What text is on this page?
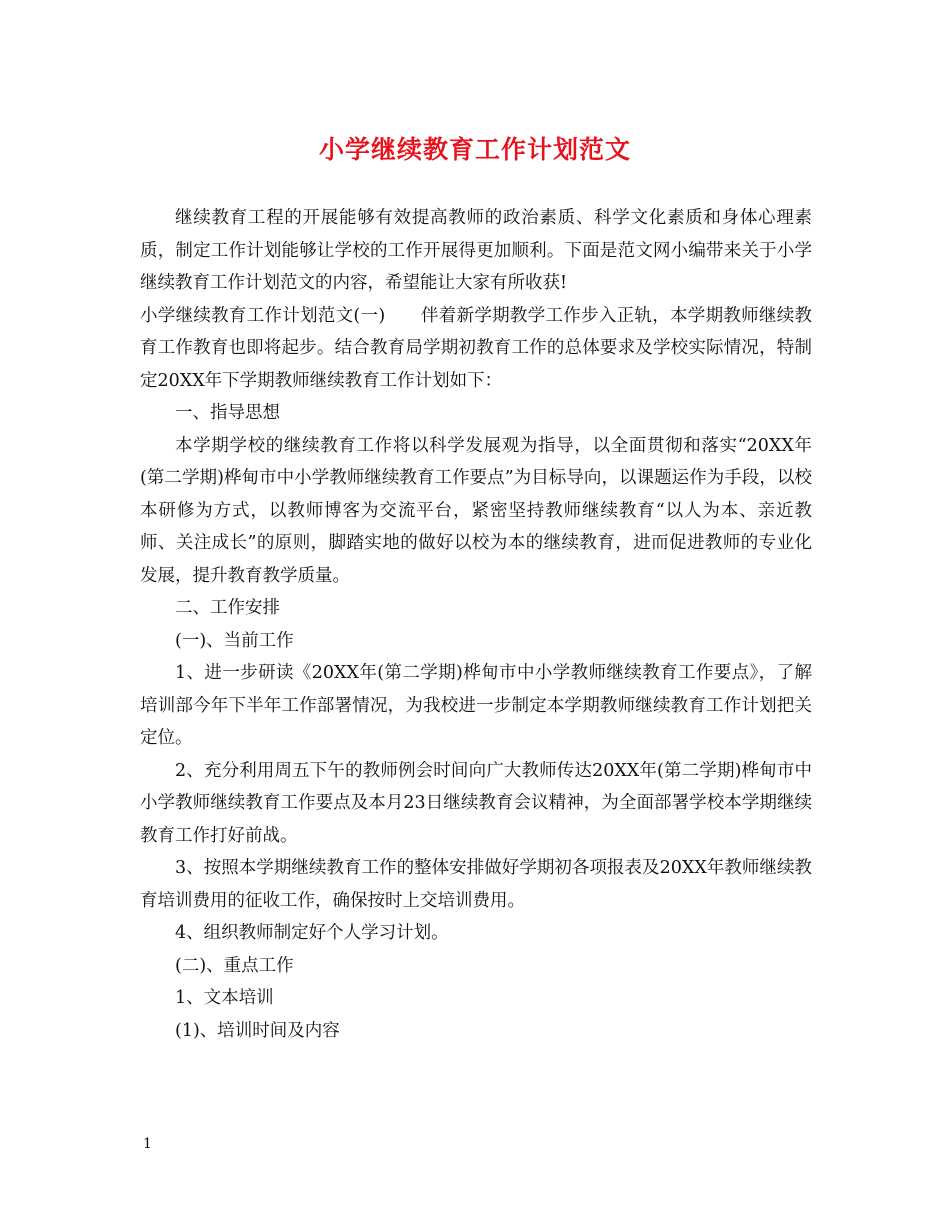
小学继续教育工作计划范文

继续教育工程的开展能够有效提高教师的政治素质、科学文化素质和身体心理素质，制定工作计划能够让学校的工作开展得更加顺利。下面是范文网小编带来关于小学继续教育工作计划范文的内容，希望能让大家有所收获!

小学继续教育工作计划范文(一)　　伴着新学期教学工作步入正轨，本学期教师继续教育工作教育也即将起步。结合教育局学期初教育工作的总体要求及学校实际情况，特制定20XX年下学期教师继续教育工作计划如下：

一、指导思想

本学期学校的继续教育工作将以科学发展观为指导，以全面贯彻和落实“20XX年(第二学期)桦甸市中小学教师继续教育工作要点”为目标导向，以课题运作为手段，以校本研修为方式，以教师博客为交流平台，紧密坚持教师继续教育“以人为本、亲近教师、关注成长”的原则，脚踏实地的做好以校为本的继续教育，进而促进教师的专业化发展，提升教育教学质量。

二、工作安排

(一)、当前工作

1、进一步研读《20XX年(第二学期)桦甸市中小学教师继续教育工作要点》，了解培训部今年下半年工作部署情况，为我校进一步制定本学期教师继续教育工作计划把关定位。

2、充分利用周五下午的教师例会时间向广大教师传达20XX年(第二学期)桦甸市中小学教师继续教育工作要点及本月23日继续教育会议精神，为全面部署学校本学期继续教育工作打好前战。

3、按照本学期继续教育工作的整体安排做好学期初各项报表及20XX年教师继续教育培训费用的征收工作，确保按时上交培训费用。

4、组织教师制定好个人学习计划。

(二)、重点工作

1、文本培训

(1)、培训时间及内容

1
